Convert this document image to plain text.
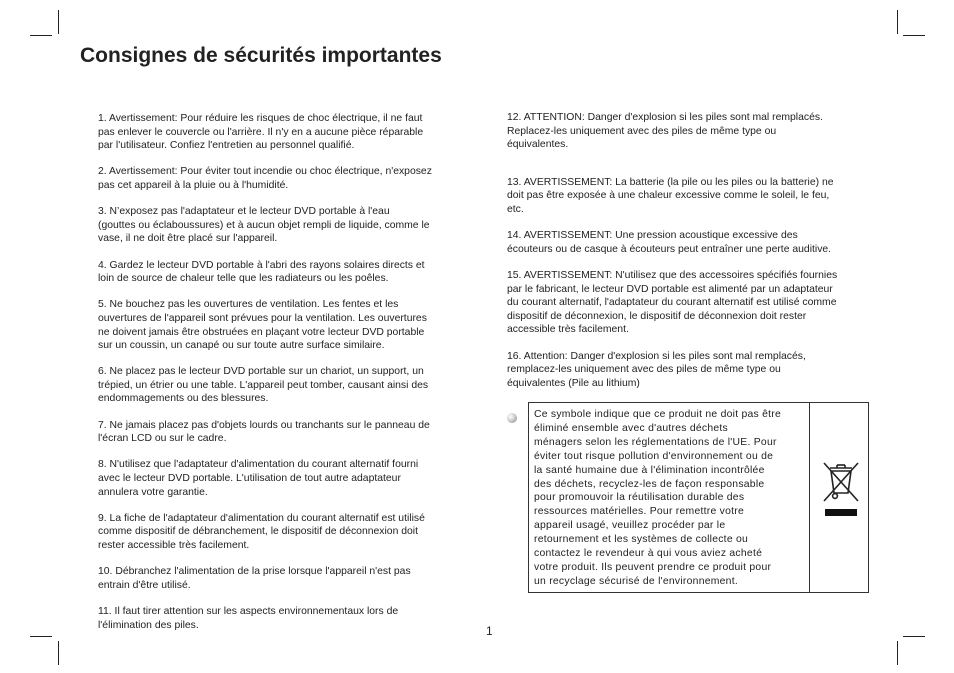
Consignes de sécurités importantes

1. Avertissement: Pour réduire les risques de choc électrique, il ne faut
pas enlever le couvercle ou l'arrière. Il n'y en a aucune pièce réparable
par l'utilisateur. Confiez l'entretien au personnel qualifié.

2. Avertissement: Pour éviter tout incendie ou choc électrique, n'exposez
pas cet appareil à la pluie ou à l'humidité.

3. N’exposez pas l'adaptateur et le lecteur DVD portable à l'eau
(gouttes ou éclaboussures) et à aucun objet rempli de liquide, comme le
vase, il ne doit être placé sur l'appareil.

4. Gardez le lecteur DVD portable à l'abri des rayons solaires directs et
loin de source de chaleur telle que les radiateurs ou les poêles.

5. Ne bouchez pas les ouvertures de ventilation. Les fentes et les
ouvertures de l'appareil sont prévues pour la ventilation. Les ouvertures
ne doivent jamais être obstruées en plaçant votre lecteur DVD portable
sur un coussin, un canapé ou sur toute autre surface similaire.

6. Ne placez pas le lecteur DVD portable sur un chariot, un support, un
trépied, un étrier ou une table. L'appareil peut tomber, causant ainsi des
endommagements ou des blessures.

7. Ne jamais placez pas d'objets lourds ou tranchants sur le panneau de
l'écran LCD ou sur le cadre.

8. N'utilisez que l'adaptateur d'alimentation du courant alternatif fourni
avec le lecteur DVD portable. L'utilisation de tout autre adaptateur
annulera votre garantie.

9. La fiche de l'adaptateur d'alimentation du courant alternatif est utilisé
comme dispositif de débranchement, le dispositif de déconnexion doit
rester accessible très facilement.

10. Débranchez l'alimentation de la prise lorsque l'appareil n'est pas
entrain d'être utilisé.

11. Il faut tirer attention sur les aspects environnementaux lors de
l'élimination des piles.

12. ATTENTION: Danger d'explosion si les piles sont mal remplacés.
Replacez-les uniquement avec des piles de même type ou
équivalentes.

13. AVERTISSEMENT: La batterie (la pile ou les piles ou la batterie) ne
doit pas être exposée à une chaleur excessive comme le soleil, le feu,
etc.

14. AVERTISSEMENT: Une pression acoustique excessive des
écouteurs ou de casque à écouteurs peut entraîner une perte auditive.

15. AVERTISSEMENT: N'utilisez que des accessoires spécifiés fournies
par le fabricant, le lecteur DVD portable est alimenté par un adaptateur
du courant alternatif, l'adaptateur du courant alternatif est utilisé comme
dispositif de déconnexion, le dispositif de déconnexion doit rester
accessible très facilement.

16. Attention: Danger d'explosion si les piles sont mal remplacés,
remplacez-les uniquement avec des piles de même type ou
équivalentes (Pile au lithium)

Ce symbole indique que ce produit ne doit pas être
éliminé ensemble avec d'autres déchets
ménagers selon les réglementations de l'UE. Pour
éviter tout risque pollution d'environnement ou de
la santé humaine due à l'élimination incontrôlée
des déchets, recyclez-les de façon responsable
pour promouvoir la réutilisation durable des
ressources matérielles. Pour remettre votre
appareil usagé, veuillez procéder par le
retournement et les systèmes de collecte ou
contactez le revendeur à qui vous aviez acheté
votre produit. Ils peuvent prendre ce produit pour
un recyclage sécurisé de l'environnement.

1
